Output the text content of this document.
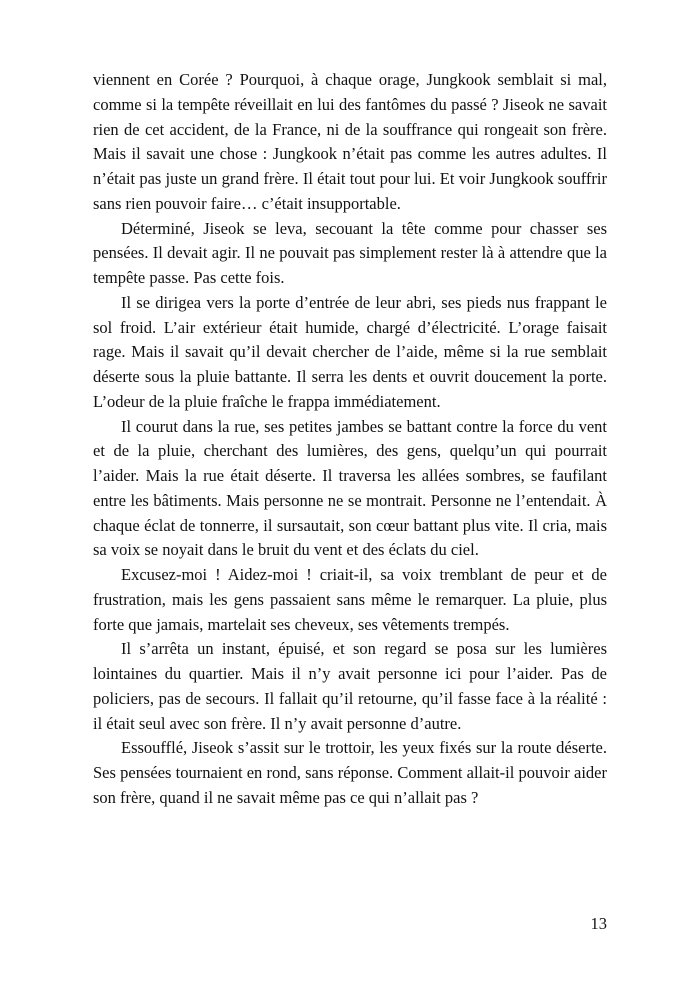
viennent en Corée ? Pourquoi, à chaque orage, Jungkook semblait si mal, comme si la tempête réveillait en lui des fantômes du passé ? Jiseok ne savait rien de cet accident, de la France, ni de la souffrance qui rongeait son frère. Mais il savait une chose : Jungkook n’était pas comme les autres adultes. Il n’était pas juste un grand frère. Il était tout pour lui. Et voir Jungkook souffrir sans rien pouvoir faire… c’était insupportable.

Déterminé, Jiseok se leva, secouant la tête comme pour chasser ses pensées. Il devait agir. Il ne pouvait pas simplement rester là à attendre que la tempête passe. Pas cette fois.

Il se dirigea vers la porte d’entrée de leur abri, ses pieds nus frappant le sol froid. L’air extérieur était humide, chargé d’électricité. L’orage faisait rage. Mais il savait qu’il devait chercher de l’aide, même si la rue semblait déserte sous la pluie battante. Il serra les dents et ouvrit doucement la porte. L’odeur de la pluie fraîche le frappa immédiatement.

Il courut dans la rue, ses petites jambes se battant contre la force du vent et de la pluie, cherchant des lumières, des gens, quelqu’un qui pourrait l’aider. Mais la rue était déserte. Il traversa les allées sombres, se faufilant entre les bâtiments. Mais personne ne se montrait. Personne ne l’entendait. À chaque éclat de tonnerre, il sursautait, son cœur battant plus vite. Il cria, mais sa voix se noyait dans le bruit du vent et des éclats du ciel.

Excusez-moi ! Aidez-moi ! criait-il, sa voix tremblant de peur et de frustration, mais les gens passaient sans même le remarquer. La pluie, plus forte que jamais, martelait ses cheveux, ses vêtements trempés.

Il s’arrêta un instant, épuisé, et son regard se posa sur les lumières lointaines du quartier. Mais il n’y avait personne ici pour l’aider. Pas de policiers, pas de secours. Il fallait qu’il retourne, qu’il fasse face à la réalité : il était seul avec son frère. Il n’y avait personne d’autre.

Essoufflé, Jiseok s’assit sur le trottoir, les yeux fixés sur la route déserte. Ses pensées tournaient en rond, sans réponse. Comment allait-il pouvoir aider son frère, quand il ne savait même pas ce qui n’allait pas ?

13
